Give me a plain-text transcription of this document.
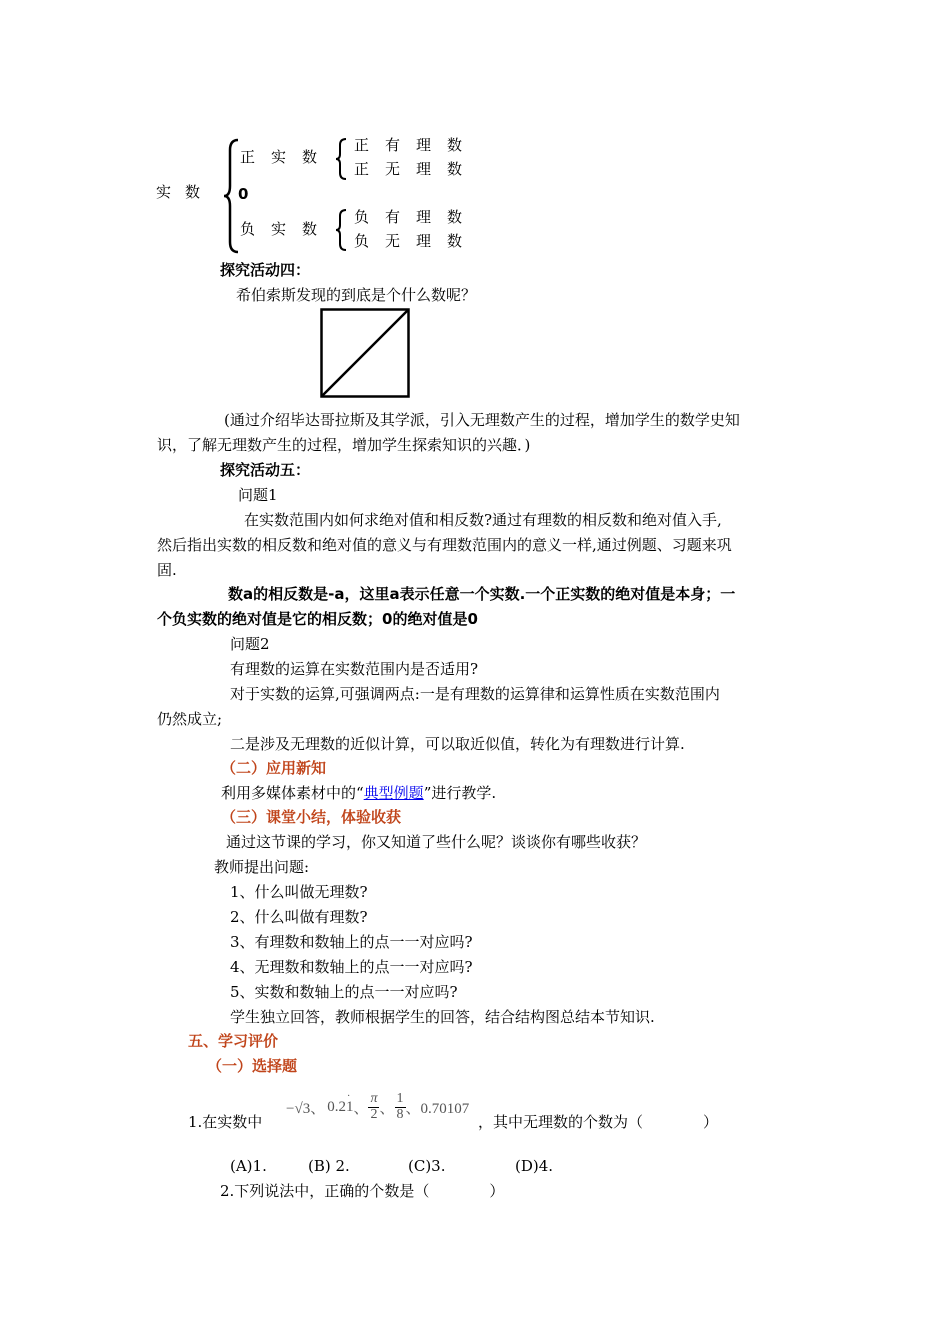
实数
正实数
正有理数
正无理数
0
负实数
负有理数
负无理数
探究活动四：
希伯索斯发现的到底是个什么数呢？
(通过介绍毕达哥拉斯及其学派，引入无理数产生的过程，增加学生的数学史知
识，了解无理数产生的过程，增加学生探索知识的兴趣．)
探究活动五：
问题1
在实数范围内如何求绝对值和相反数?通过有理数的相反数和绝对值入手,
然后指出实数的相反数和绝对值的意义与有理数范围内的意义一样,通过例题、习题来巩
固.
数a的相反数是-a，这里a表示任意一个实数.一个正实数的绝对值是本身；一
个负实数的绝对值是它的相反数；0的绝对值是0
问题2
有理数的运算在实数范围内是否适用?
对于实数的运算,可强调两点:一是有理数的运算律和运算性质在实数范围内
仍然成立;
二是涉及无理数的近似计算，可以取近似值，转化为有理数进行计算.
（二）应用新知
利用多媒体素材中的“典型例题”进行教学.
（三）课堂小结，体验收获
通过这节课的学习，你又知道了些什么呢？谈谈你有哪些收获？
教师提出问题:
1、什么叫做无理数?
2、什么叫做有理数?
3、有理数和数轴上的点一一对应吗?
4、无理数和数轴上的点一一对应吗?
5、实数和数轴上的点一一对应吗?
学生独立回答，教师根据学生的回答，结合结构图总结本节知识.
五、学习评价
（一）选择题
1.在实数中
−√3、 0.21
·
、 $\frac{\pi}{2}$ 、 $\frac{1}{8}$ 、0.70107
，其中无理数的个数为（　　　　）
(A)1.	(B) 2.	(C)3.	(D)4.
2.下列说法中，正确的个数是（　　　　）
